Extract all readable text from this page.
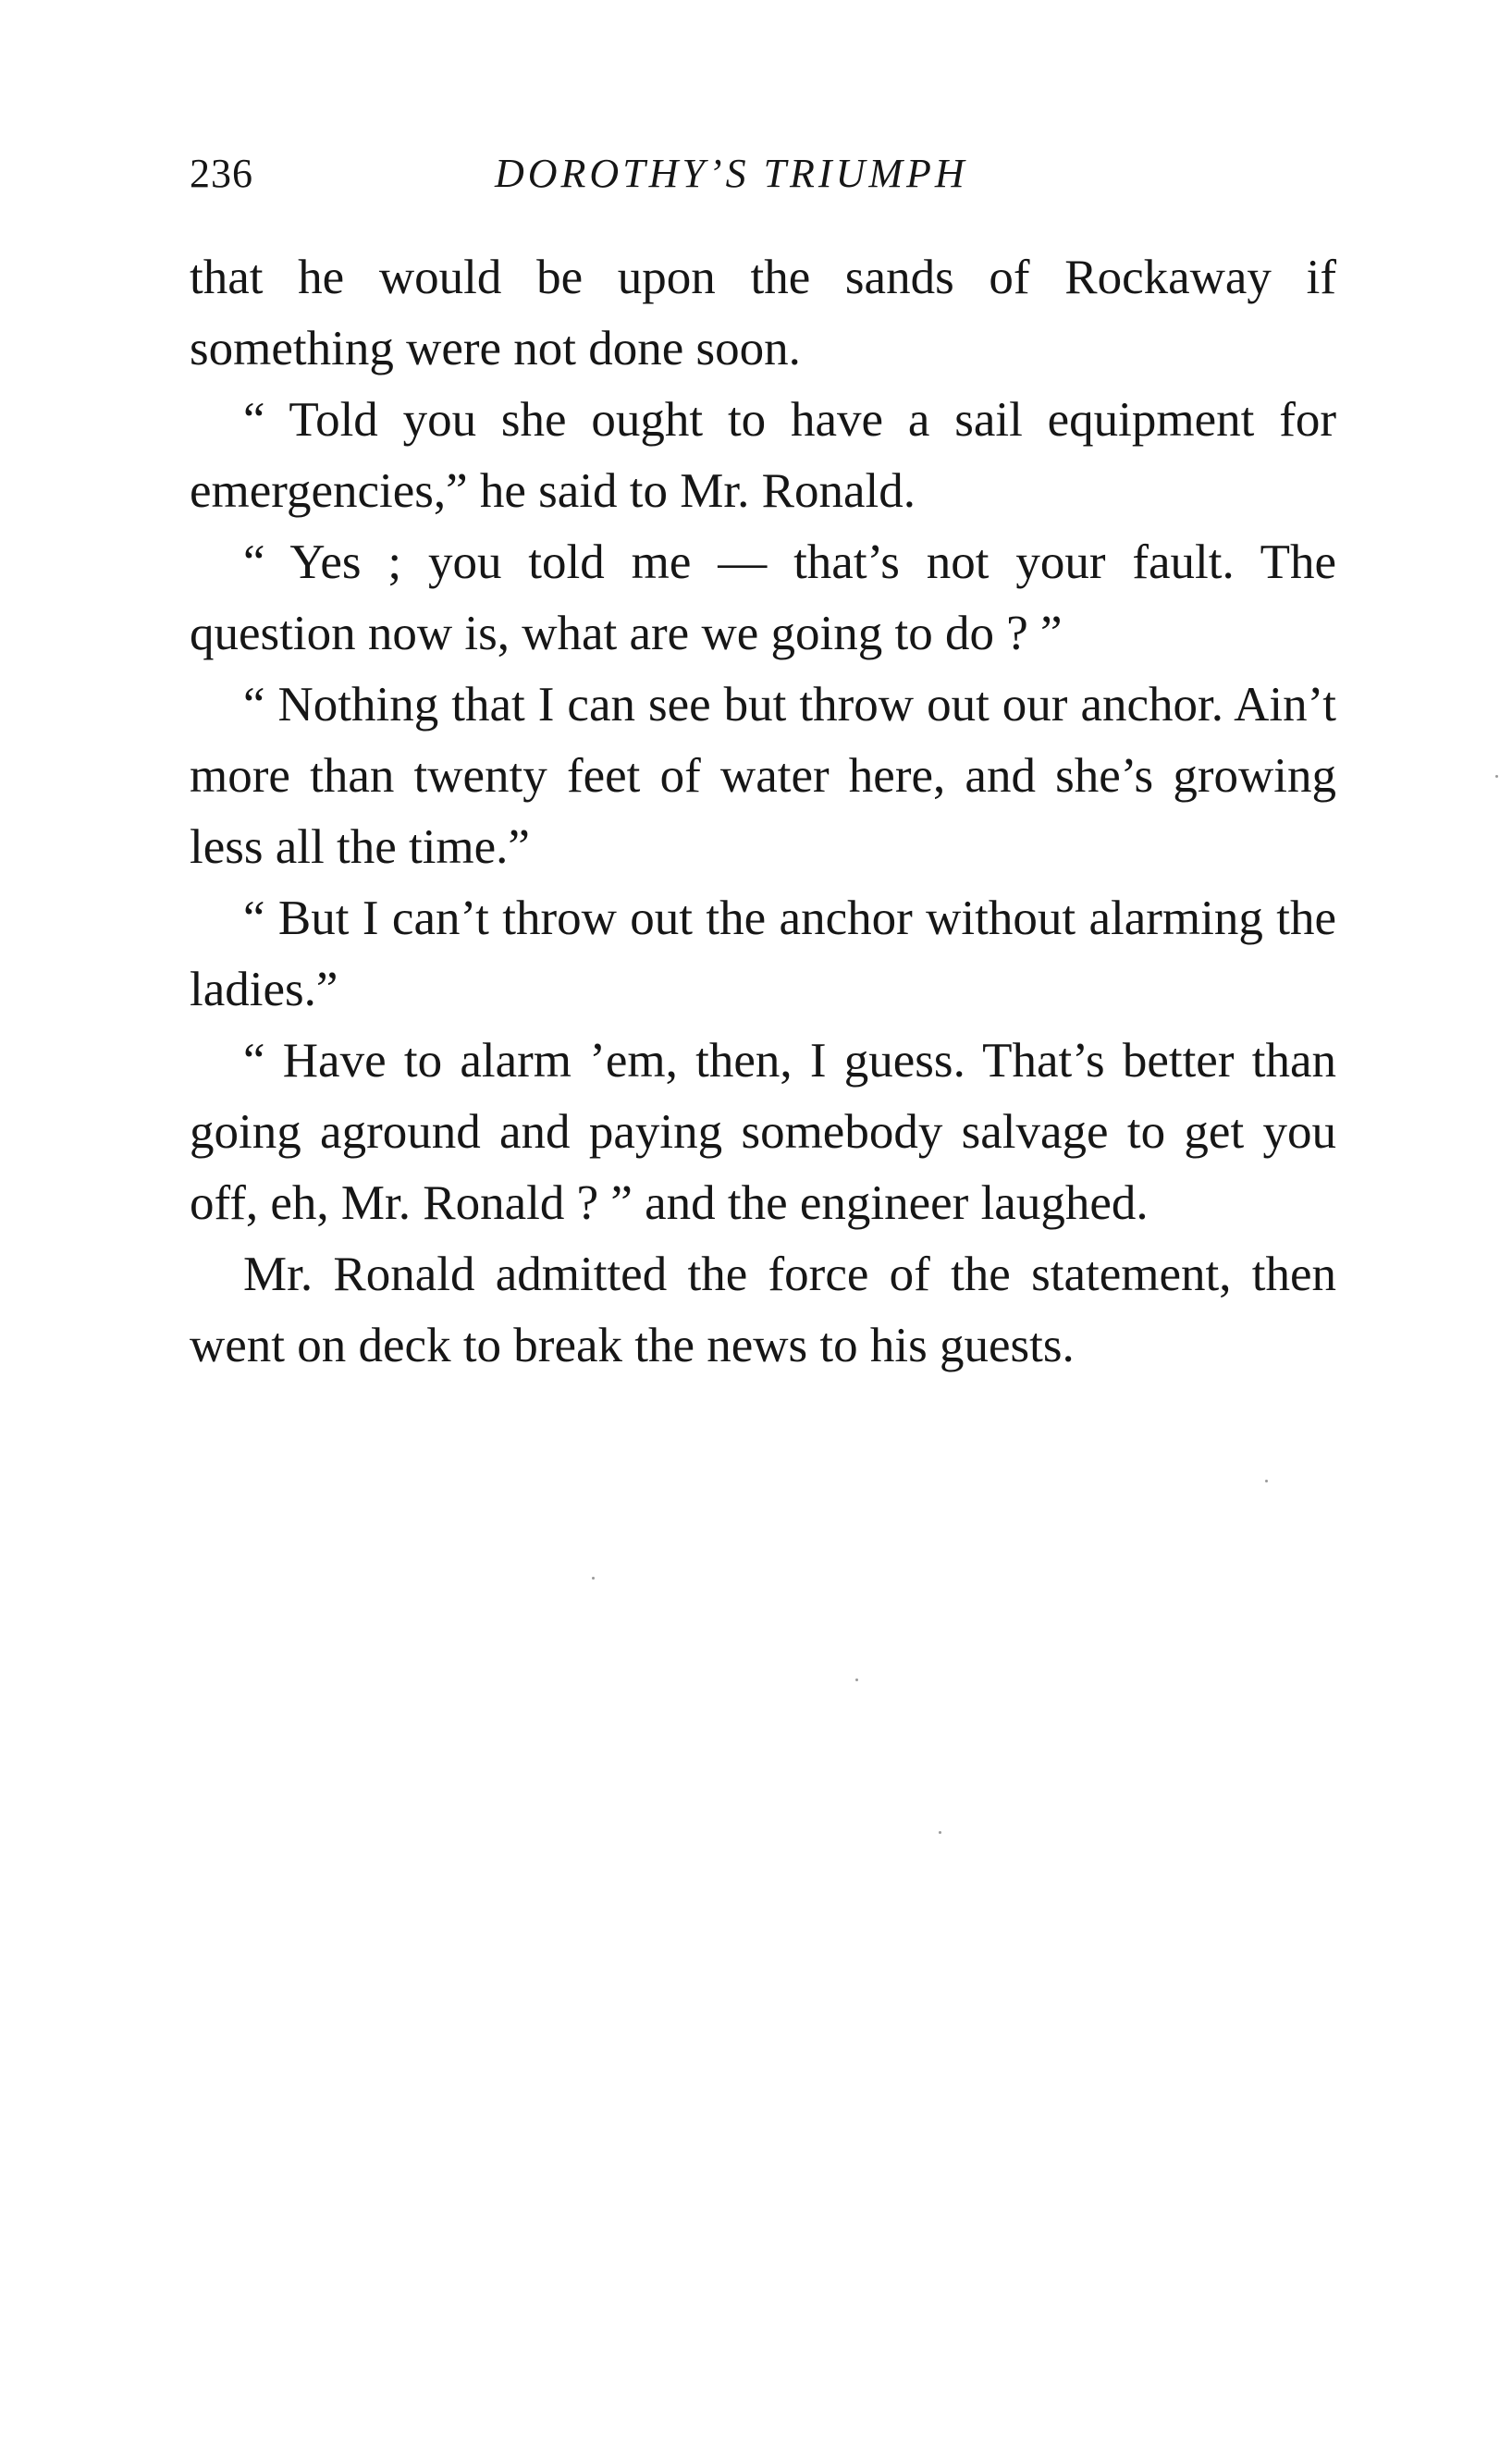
236	DOROTHY’S TRIUMPH

that he would be upon the sands of Rockaway if something were not done soon.

“ Told you she ought to have a sail equipment for emergencies,” he said to Mr. Ronald.

“ Yes ; you told me — that’s not your fault. The question now is, what are we going to do ? ”

“ Nothing that I can see but throw out our anchor. Ain’t more than twenty feet of water here, and she’s growing less all the time.”

“ But I can’t throw out the anchor without alarming the ladies.”

“ Have to alarm ’em, then, I guess. That’s better than going aground and paying somebody salvage to get you off, eh, Mr. Ronald ? ” and the engineer laughed.

Mr. Ronald admitted the force of the statement, then went on deck to break the news to his guests.
